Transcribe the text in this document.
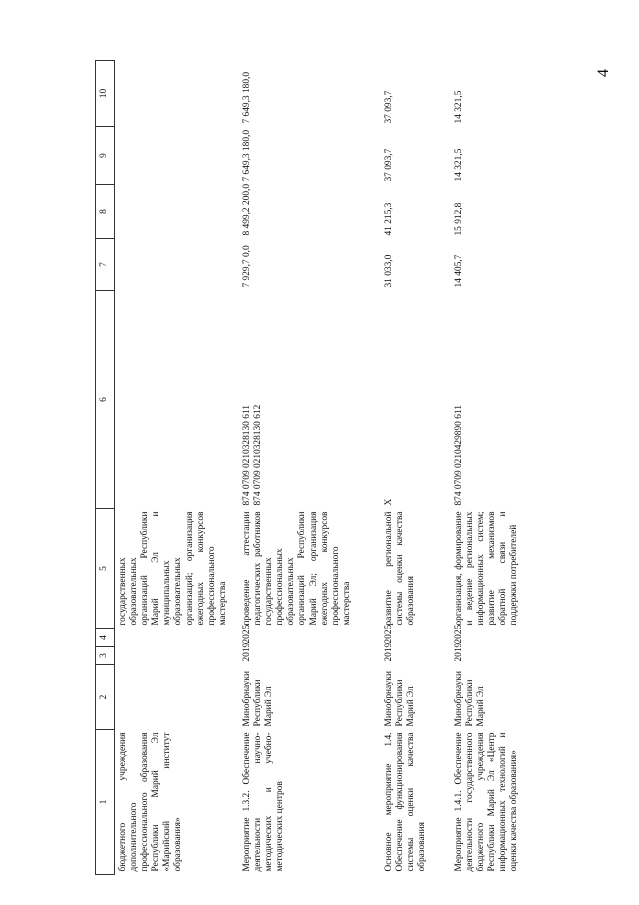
4
1	2	3	4	5	6	7	8	9	10
бюджетного учреждения дополнительного профессионального образования Республики Марий Эл «Марийский институт образования»				государственных образовательных организаций Республики Марий Эл и муниципальных образовательных организаций; организация ежегодных конкурсов профессионального мастерства					
Мероприятие 1.3.2. Обеспечение деятельности научно-методических и учебно-методических центров	Минобрнауки Республики Марий Эл	2019	2025	проведение аттестации педагогических работников государственных профессиональных образовательных организаций Республики Марий Эл; организация ежегодных конкурсов профессионального мастерства	874 0709 0210328130 611
874 0709 0210328130 612	7 929,7 0,0	8 499,2 200,0	7 649,3 180,0	7 649,3 180,0
Основное мероприятие 1.4. Обеспечение функционирования системы оценки качества образования	Минобрнауки Республики Марий Эл	2019	2025	развитие региональной системы оценки качества образования	X	31 033,0	41 215,3	37 093,7	37 093,7
Мероприятие 1.4.1. Обеспечение деятельности государственного бюджетного учреждения Республики Марий Эл «Центр информационных технологий и оценки качества образования»	Минобрнауки Республики Марий Эл	2019	2025	организация, формирование и ведение региональных информационных систем; развитие механизмов обратной связи и поддержки потребителей	874 0709 0210429890 611	14 405,7	15 912,8	14 321,5	14 321,5
